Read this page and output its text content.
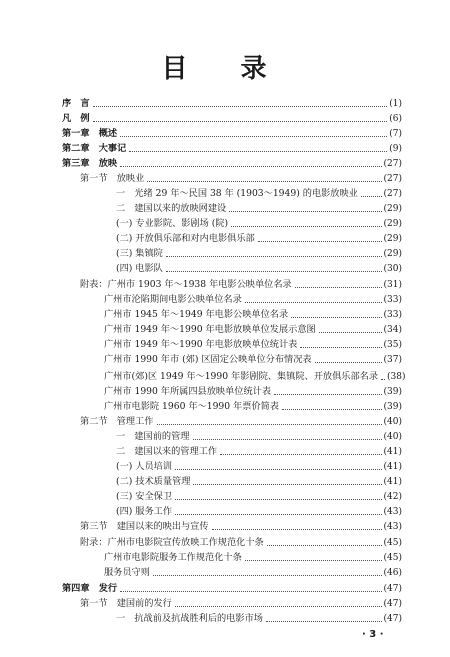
目 录
序　言	(1)
凡　例	(6)
第一章　概述	(7)
第二章　大事记	(9)
第三章　放映	(27)
第一节　放映业	(27)
一　光绪 29 年～民国 38 年 (1903～1949) 的电影放映业	(27)
二　建国以来的放映网建设	(29)
(一) 专业影院、影剧场 (院)	(29)
(二) 开放俱乐部和对内电影俱乐部	(29)
(三) 集镇院	(29)
(四) 电影队	(30)
附表：广州市 1903 年～1938 年电影公映单位名录	(31)
广州市沦陷期间电影公映单位名录	(33)
广州市 1945 年～1949 年电影公映单位名录	(33)
广州市 1949 年～1990 年电影放映单位发展示意图	(34)
广州市 1949 年～1990 年电影放映单位统计表	(35)
广州市 1990 年市 (郊) 区固定公映单位分布情况表	(37)
广州市(郊)区 1949 年～1990 年影剧院、集镇院、开放俱乐部名录 (38)
广州市 1990 年所属四县放映单位统计表	(39)
广州市电影院 1960 年～1990 年票价简表	(39)
第二节　管理工作	(40)
一　建国前的管理	(40)
二　建国以来的管理工作	(41)
(一) 人员培训	(41)
(二) 技术质量管理	(41)
(三) 安全保卫	(42)
(四) 服务工作	(43)
第三节　建国以来的映出与宣传	(43)
附录：广州市电影院宣传放映工作规范化十条	(45)
广州市电影院服务工作规范化十条	(45)
服务员守则	(46)
第四章　发行	(47)
第一节　建国前的发行	(47)
一　抗战前及抗战胜利后的电影市场	(47)
· 3 ·
